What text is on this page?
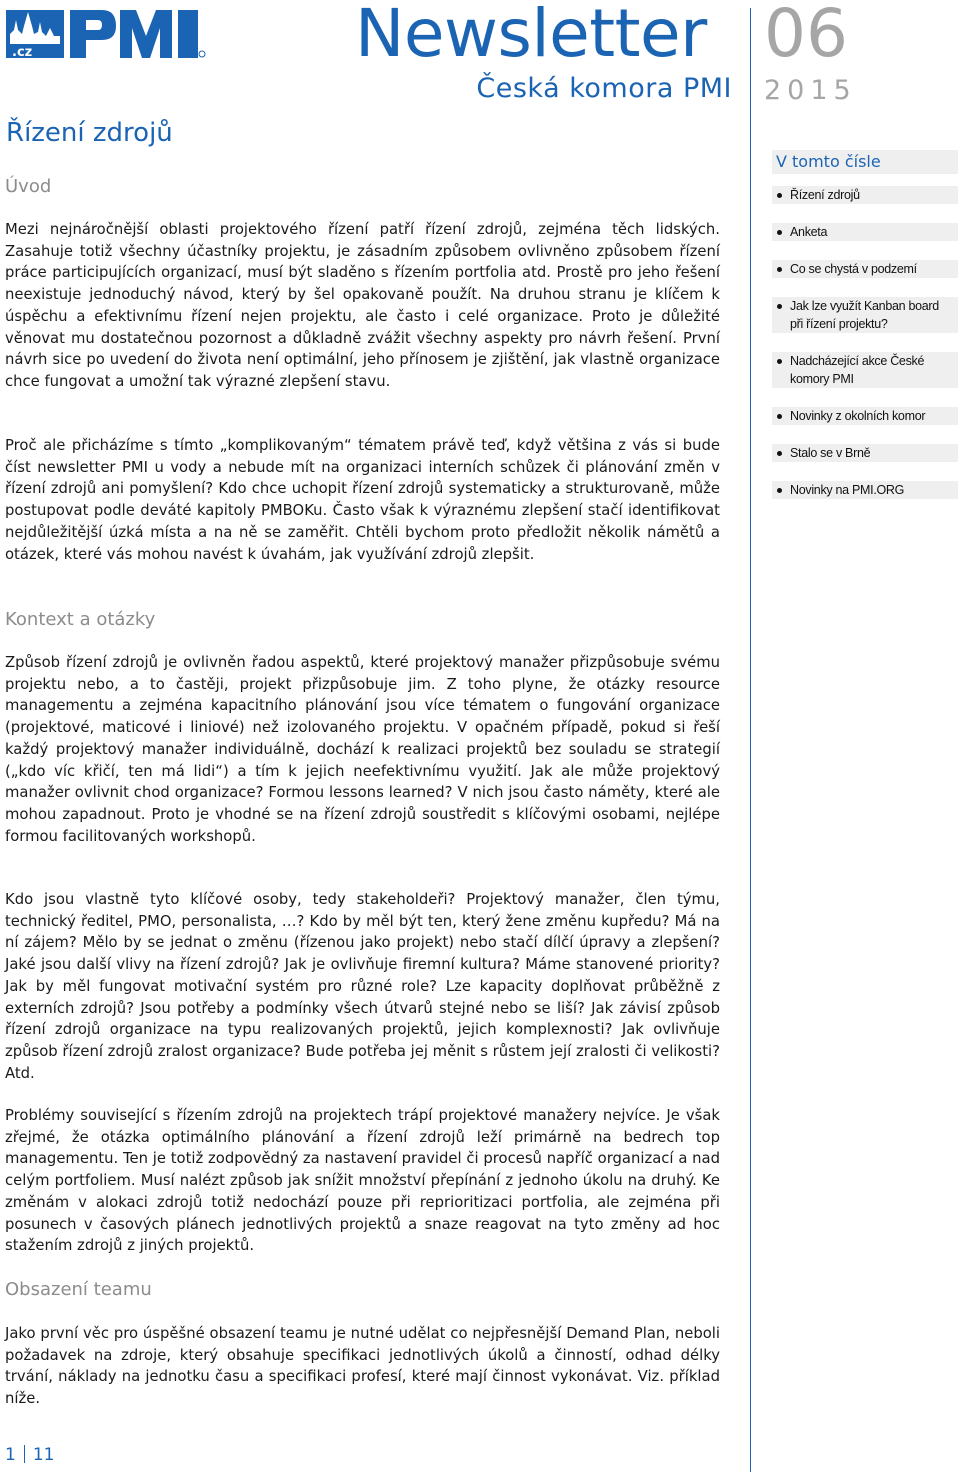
.cz	Newsletter
Česká komora PMI
06
2015
Řízení zdrojů
Úvod

Mezi nejnáročnější oblasti projektového řízení patří řízení zdrojů, zejména těch lidských. Zasahuje totiž všechny účastníky projektu, je zásadním způsobem ovlivněno způsobem řízení práce participujících organizací, musí být sladěno s řízením portfolia atd. Prostě pro jeho řešení neexistuje jednoduchý návod, který by šel opakovaně použít. Na druhou stranu je klíčem k úspěchu a efektivnímu řízení nejen projektu, ale často i celé organizace. Proto je důležité věnovat mu dostatečnou pozornost a důkladně zvážit všechny aspekty pro návrh řešení. První návrh sice po uvedení do života není optimální, jeho přínosem je zjištění, jak vlastně organizace chce fungovat a umožní tak výrazné zlepšení stavu.

Proč ale přicházíme s tímto „komplikovaným“ tématem právě teď, když většina z vás si bude číst newsletter PMI u vody a nebude mít na organizaci interních schůzek či plánování změn v řízení zdrojů ani pomyšlení? Kdo chce uchopit řízení zdrojů systematicky a strukturovaně, může postupovat podle deváté kapitoly PMBOKu. Často však k výraznému zlepšení stačí identifikovat nejdůležitější úzká místa a na ně se zaměřit. Chtěli bychom proto předložit několik námětů a otázek, které vás mohou navést k úvahám, jak využívání zdrojů zlepšit.

Kontext a otázky

Způsob řízení zdrojů je ovlivněn řadou aspektů, které projektový manažer přizpůsobuje svému projektu nebo, a to častěji, projekt přizpůsobuje jim. Z toho plyne, že otázky resource managementu a zejména kapacitního plánování jsou více tématem o fungování organizace (projektové, maticové i liniové) než izolovaného projektu. V opačném případě, pokud si řeší každý projektový manažer individuálně, dochází k realizaci projektů bez souladu se strategií („kdo víc křičí, ten má lidi“) a tím k jejich neefektivnímu využití. Jak ale může projektový manažer ovlivnit chod organizace? Formou lessons learned? V nich jsou často náměty, které ale mohou zapadnout. Proto je vhodné se na řízení zdrojů soustředit s klíčovými osobami, nejlépe formou facilitovaných workshopů.

Kdo jsou vlastně tyto klíčové osoby, tedy stakeholdeři? Projektový manažer, člen týmu, technický ředitel, PMO, personalista, …? Kdo by měl být ten, který žene změnu kupředu? Má na ní zájem? Mělo by se jednat o změnu (řízenou jako projekt) nebo stačí dílčí úpravy a zlepšení? Jaké jsou další vlivy na řízení zdrojů? Jak je ovlivňuje firemní kultura? Máme stanovené priority? Jak by měl fungovat motivační systém pro různé role? Lze kapacity doplňovat průběžně z externích zdrojů? Jsou potřeby a podmínky všech útvarů stejné nebo se liší? Jak závisí způsob řízení zdrojů organizace na typu realizovaných projektů, jejich komplexnosti? Jak ovlivňuje způsob řízení zdrojů zralost organizace? Bude potřeba jej měnit s růstem její zralosti či velikosti? Atd.

Problémy související s řízením zdrojů na projektech trápí projektové manažery nejvíce. Je však zřejmé, že otázka optimálního plánování a řízení zdrojů leží primárně na bedrech top managementu. Ten je totiž zodpovědný za nastavení pravidel či procesů napříč organizací a nad celým portfoliem. Musí nalézt způsob jak snížit množství přepínání z jednoho úkolu na druhý. Ke změnám v alokaci zdrojů totiž nedochází pouze při reprioritizaci portfolia, ale zejména při posunech v časových plánech jednotlivých projektů a snaze reagovat na tyto změny ad hoc stažením zdrojů z jiných projektů.

Obsazení teamu

Jako první věc pro úspěšné obsazení teamu je nutné udělat co nejpřesnější Demand Plan, neboli požadavek na zdroje, který obsahuje specifikaci jednotlivých úkolů a činností, odhad délky trvání, náklady na jednotku času a specifikaci profesí, které mají činnost vykonávat. Viz. příklad níže.

V tomto čísle
Řízení zdrojů
Anketa
Co se chystá v podzemí
Jak lze využít Kanban board při řízení projektu?
Nadcházející akce České komory PMI
Novinky z okolních komor
Stalo se v Brně
Novinky na PMI.ORG
1 11
